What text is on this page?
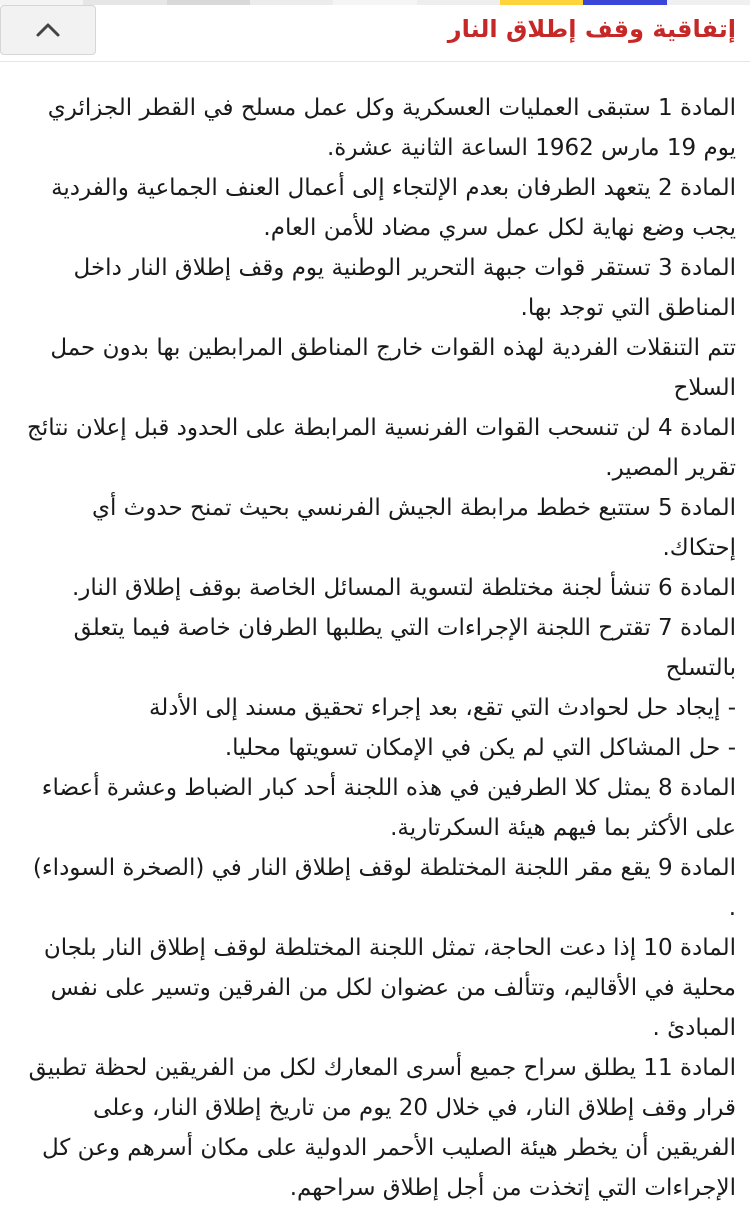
إتفاقية وقف إطلاق النار

المادة 1 ستبقى العمليات العسكرية وكل عمل مسلح في القطر الجزائري يوم 19 مارس 1962 الساعة الثانية عشرة.

المادة 2 يتعهد الطرفان بعدم الإلتجاء إلى أعمال العنف الجماعية والفردية يجب وضع نهاية لكل عمل سري مضاد للأمن العام.

المادة 3 تستقر قوات جبهة التحرير الوطنية يوم وقف إطلاق النار داخل المناطق التي توجد بها.

تتم التنقلات الفردية لهذه القوات خارج المناطق المرابطين بها بدون حمل السلاح

المادة 4 لن تنسحب القوات الفرنسية المرابطة على الحدود قبل إعلان نتائج تقرير المصير.

المادة 5 ستتبع خطط مرابطة الجيش الفرنسي بحيث تمنح حدوث أي إحتكاك.

المادة 6 تنشأ لجنة مختلطة لتسوية المسائل الخاصة بوقف إطلاق النار.

المادة 7 تقترح اللجنة الإجراءات التي يطلبها الطرفان خاصة فيما يتعلق بالتسلح

- إيجاد حل لحوادث التي تقع، بعد إجراء تحقيق مسند إلى الأدلة

- حل المشاكل التي لم يكن في الإمكان تسويتها محليا.

المادة 8 يمثل كلا الطرفين في هذه اللجنة أحد كبار الضباط وعشرة أعضاء على الأكثر بما فيهم هيئة السكرتارية.

المادة 9 يقع مقر اللجنة المختلطة لوقف إطلاق النار في (الصخرة السوداء) .

المادة 10 إذا دعت الحاجة، تمثل اللجنة المختلطة لوقف إطلاق النار بلجان محلية في الأقاليم، وتتألف من عضوان لكل من الفرقين وتسير على نفس المبادئ .

المادة 11 يطلق سراح جميع أسرى المعارك لكل من الفريقين لحظة تطبيق قرار وقف إطلاق النار، في خلال 20 يوم من تاريخ إطلاق النار، وعلى الفريقين أن يخطر هيئة الصليب الأحمر الدولية على مكان أسرهم وعن كل الإجراءات التي إتخذت من أجل إطلاق سراحهم.
